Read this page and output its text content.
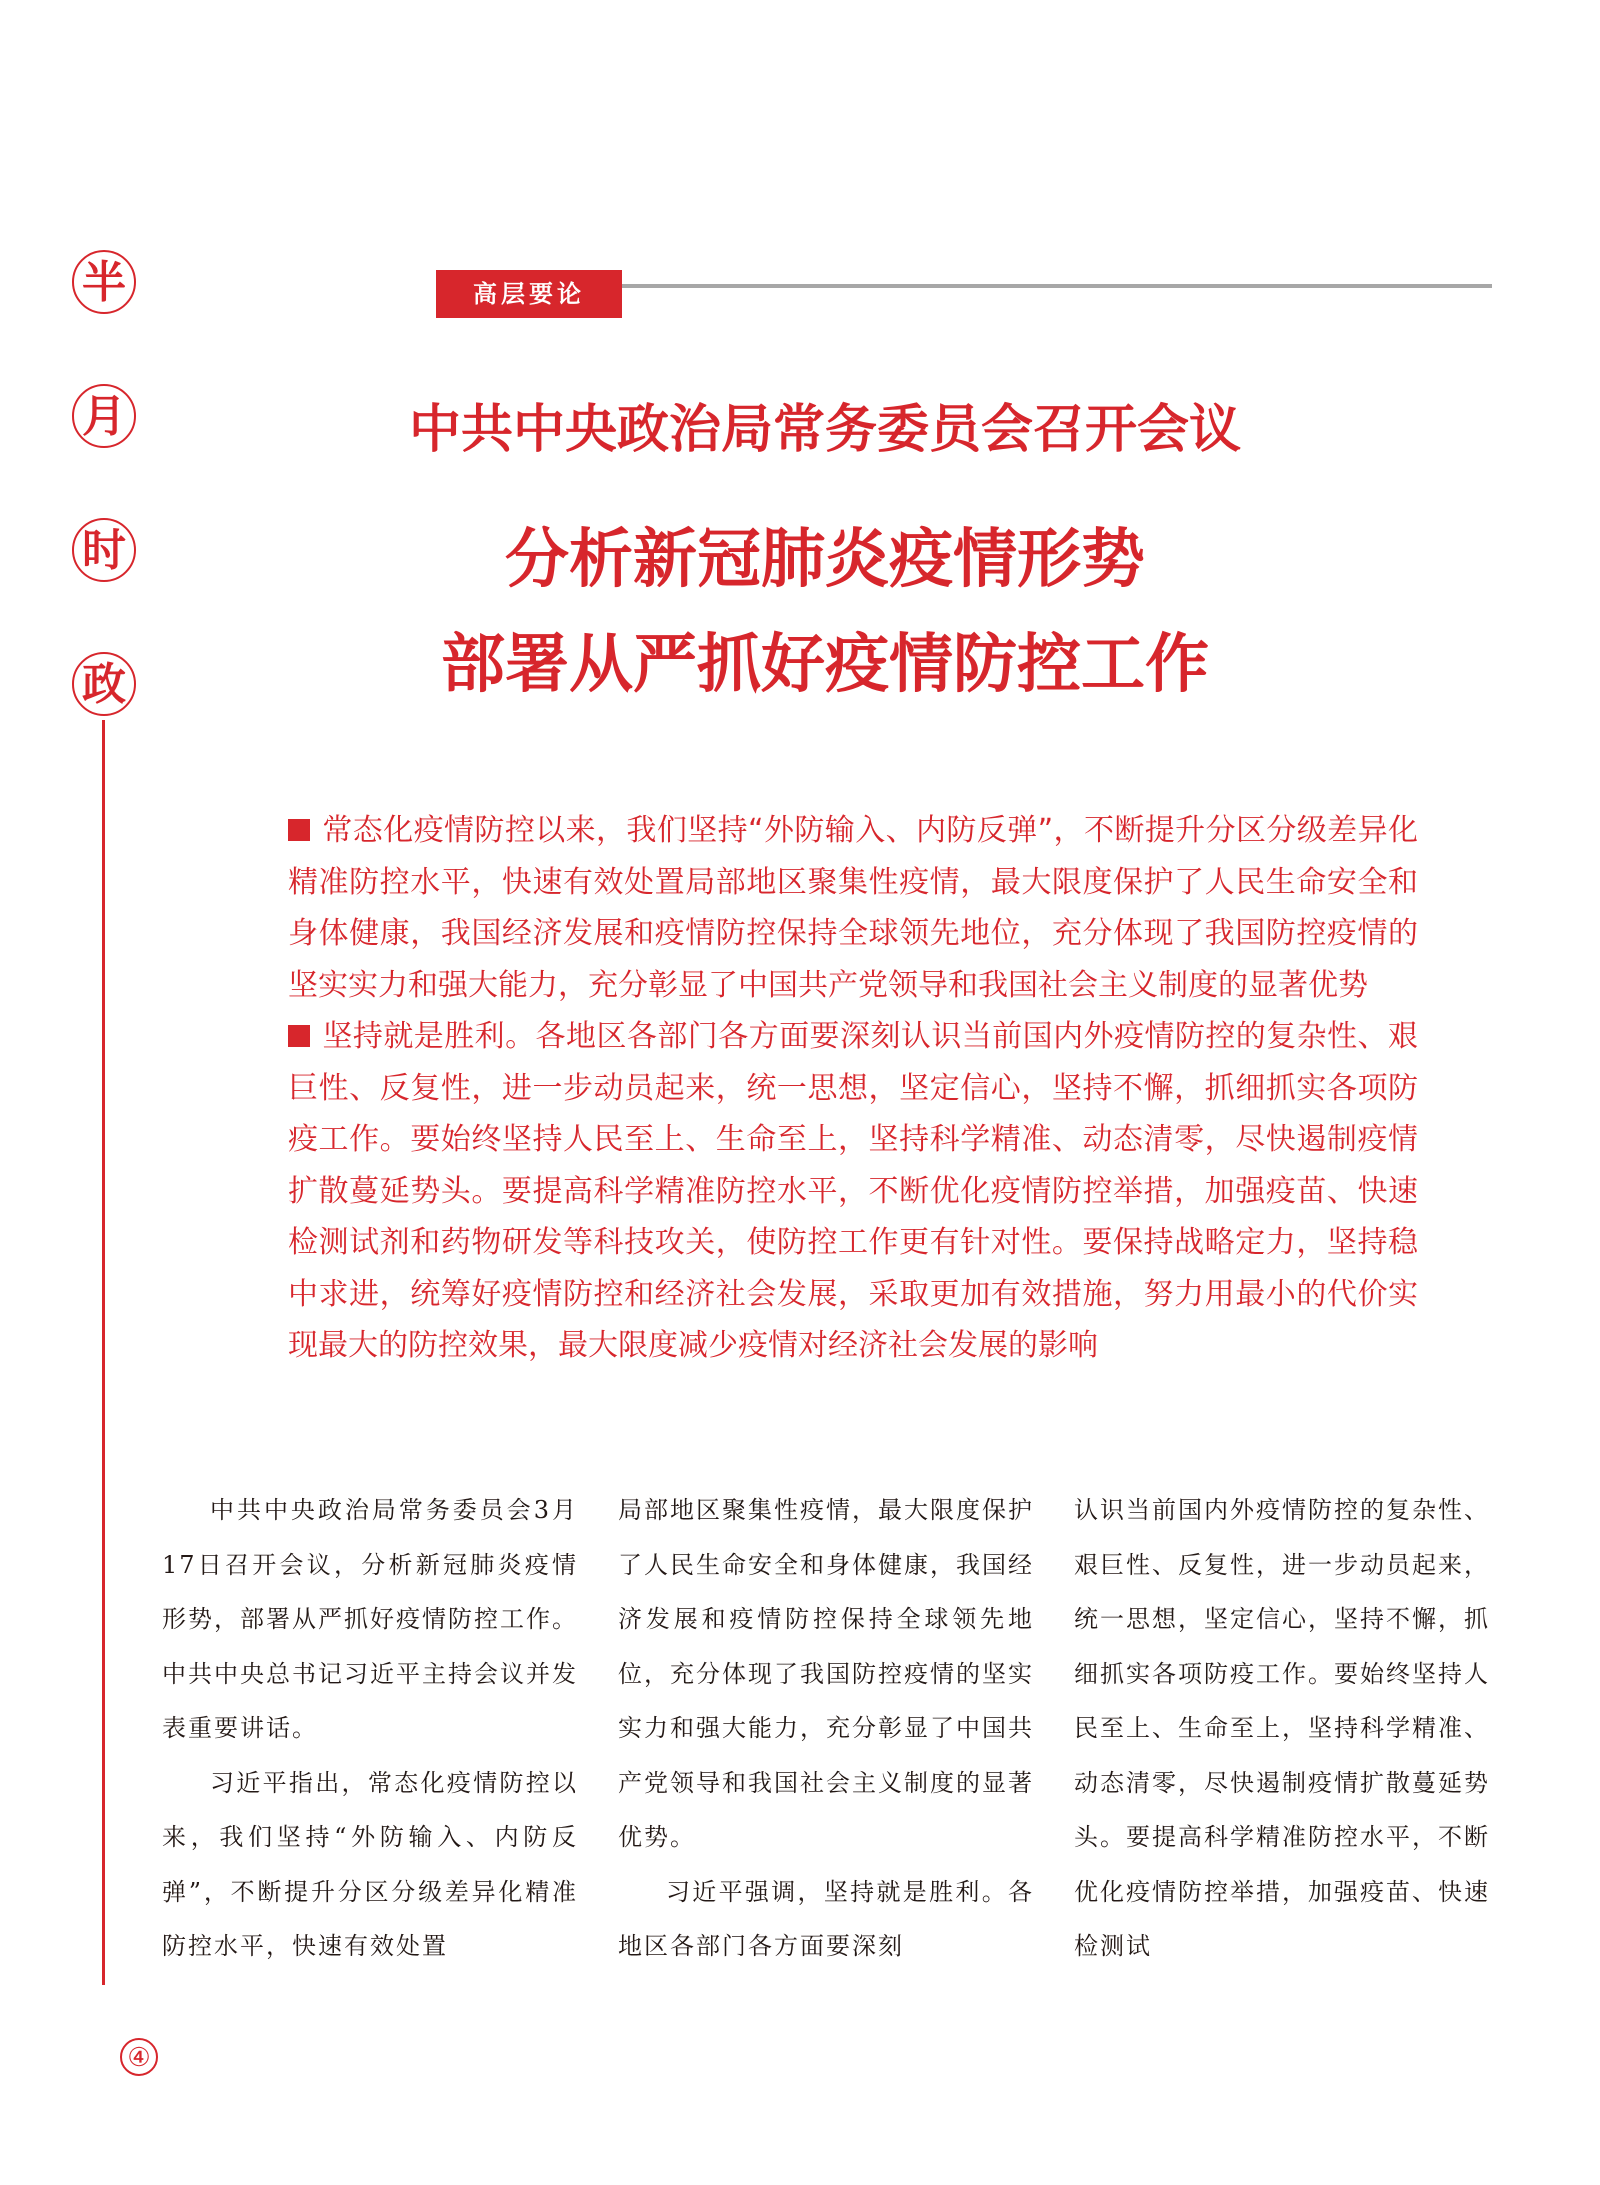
半
月
时
政
④
高层要论
中共中央政治局常务委员会召开会议
分析新冠肺炎疫情形势
部署从严抓好疫情防控工作

常态化疫情防控以来，我们坚持“外防输入、内防反弹”，不断提升分区分级差异化精准防控水平，快速有效处置局部地区聚集性疫情，最大限度保护了人民生命安全和身体健康，我国经济发展和疫情防控保持全球领先地位，充分体现了我国防控疫情的坚实实力和强大能力，充分彰显了中国共产党领导和我国社会主义制度的显著优势

坚持就是胜利。各地区各部门各方面要深刻认识当前国内外疫情防控的复杂性、艰巨性、反复性，进一步动员起来，统一思想，坚定信心，坚持不懈，抓细抓实各项防疫工作。要始终坚持人民至上、生命至上，坚持科学精准、动态清零，尽快遏制疫情扩散蔓延势头。要提高科学精准防控水平，不断优化疫情防控举措，加强疫苗、快速检测试剂和药物研发等科技攻关，使防控工作更有针对性。要保持战略定力，坚持稳中求进，统筹好疫情防控和经济社会发展，采取更加有效措施，努力用最小的代价实现最大的防控效果，最大限度减少疫情对经济社会发展的影响

中共中央政治局常务委员会3月17日召开会议，分析新冠肺炎疫情形势，部署从严抓好疫情防控工作。中共中央总书记习近平主持会议并发表重要讲话。

习近平指出，常态化疫情防控以来，我们坚持“外防输入、内防反弹”，不断提升分区分级差异化精准防控水平，快速有效处置

局部地区聚集性疫情，最大限度保护了人民生命安全和身体健康，我国经济发展和疫情防控保持全球领先地位，充分体现了我国防控疫情的坚实实力和强大能力，充分彰显了中国共产党领导和我国社会主义制度的显著优势。

习近平强调，坚持就是胜利。各地区各部门各方面要深刻

认识当前国内外疫情防控的复杂性、艰巨性、反复性，进一步动员起来，统一思想，坚定信心，坚持不懈，抓细抓实各项防疫工作。要始终坚持人民至上、生命至上，坚持科学精准、动态清零，尽快遏制疫情扩散蔓延势头。要提高科学精准防控水平，不断优化疫情防控举措，加强疫苗、快速检测试
